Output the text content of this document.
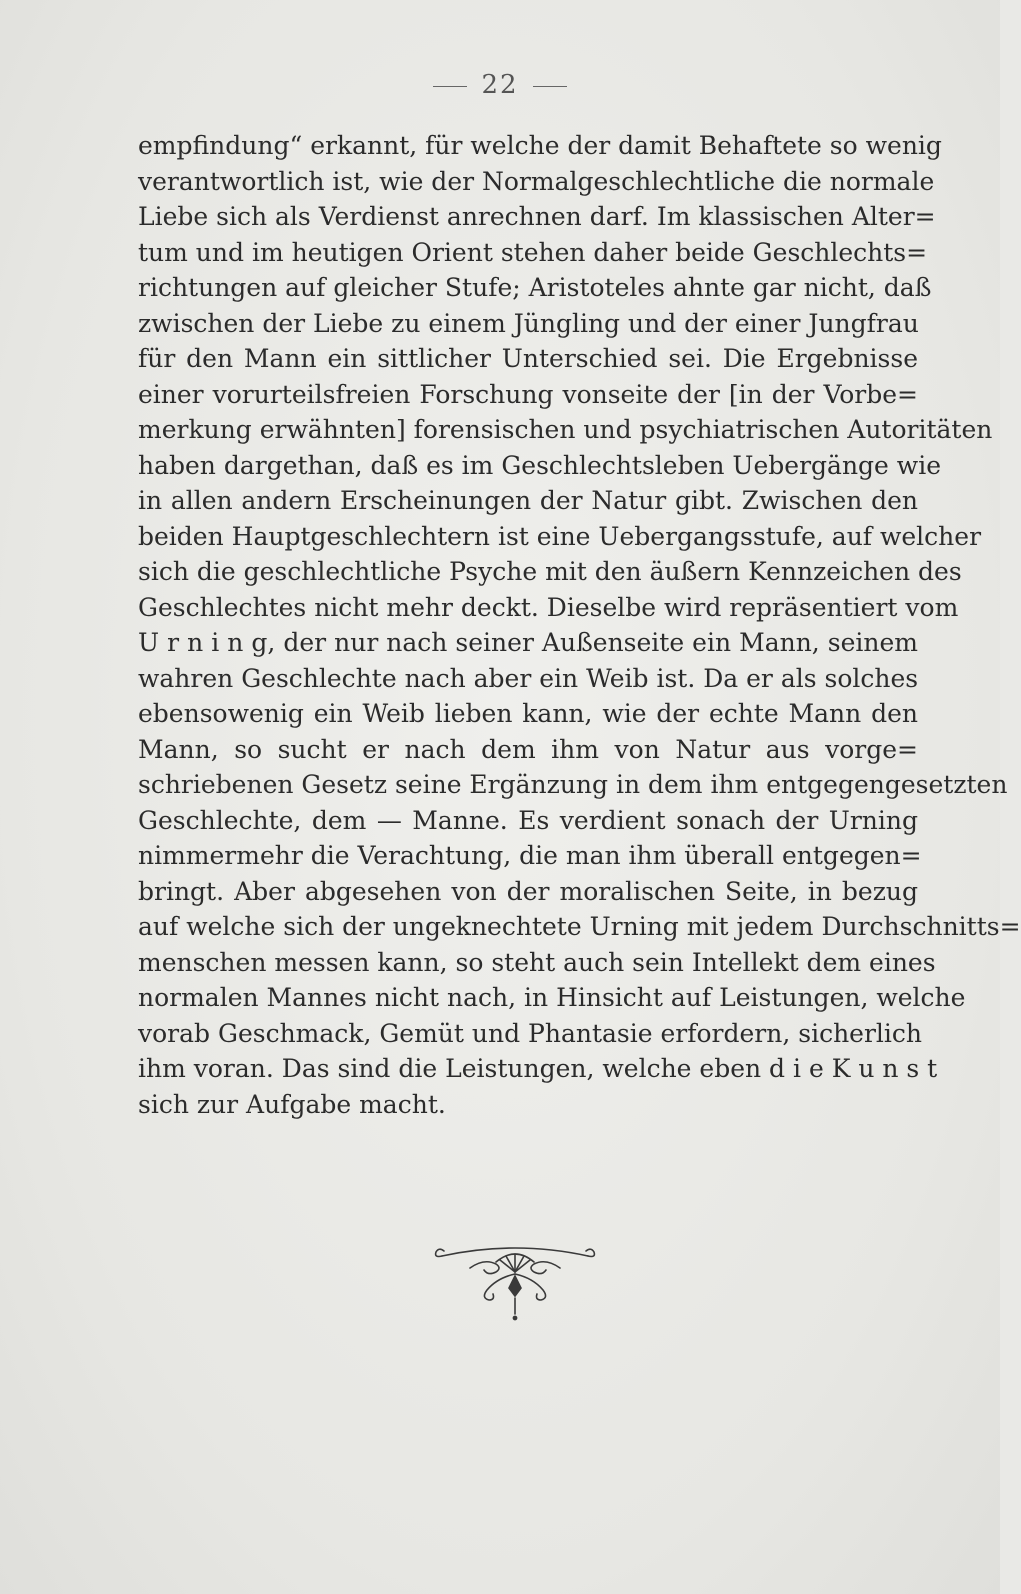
22
empfindung“ erkannt, für welche der damit Behaftete so wenig
verantwortlich ist, wie der Normalgeschlechtliche die normale
Liebe sich als Verdienst anrechnen darf. Im klassischen Alter=
tum und im heutigen Orient stehen daher beide Geschlechts=
richtungen auf gleicher Stufe; Aristoteles ahnte gar nicht, daß
zwischen der Liebe zu einem Jüngling und der einer Jungfrau
für den Mann ein sittlicher Unterschied sei. Die Ergebnisse
einer vorurteilsfreien Forschung vonseite der [in der Vorbe=
merkung erwähnten] forensischen und psychiatrischen Autoritäten
haben dargethan, daß es im Geschlechtsleben Uebergänge wie
in allen andern Erscheinungen der Natur gibt. Zwischen den
beiden Hauptgeschlechtern ist eine Uebergangsstufe, auf welcher
sich die geschlechtliche Psyche mit den äußern Kennzeichen des
Geschlechtes nicht mehr deckt. Dieselbe wird repräsentiert vom
U r n i n g, der nur nach seiner Außenseite ein Mann, seinem
wahren Geschlechte nach aber ein Weib ist. Da er als solches
ebensowenig ein Weib lieben kann, wie der echte Mann den
Mann, so sucht er nach dem ihm von Natur aus vorge=
schriebenen Gesetz seine Ergänzung in dem ihm entgegengesetzten
Geschlechte, dem — Manne. Es verdient sonach der Urning
nimmermehr die Verachtung, die man ihm überall entgegen=
bringt. Aber abgesehen von der moralischen Seite, in bezug
auf welche sich der ungeknechtete Urning mit jedem Durchschnitts=
menschen messen kann, so steht auch sein Intellekt dem eines
normalen Mannes nicht nach, in Hinsicht auf Leistungen, welche
vorab Geschmack, Gemüt und Phantasie erfordern, sicherlich
ihm voran. Das sind die Leistungen, welche eben d i e K u n s t
sich zur Aufgabe macht.
